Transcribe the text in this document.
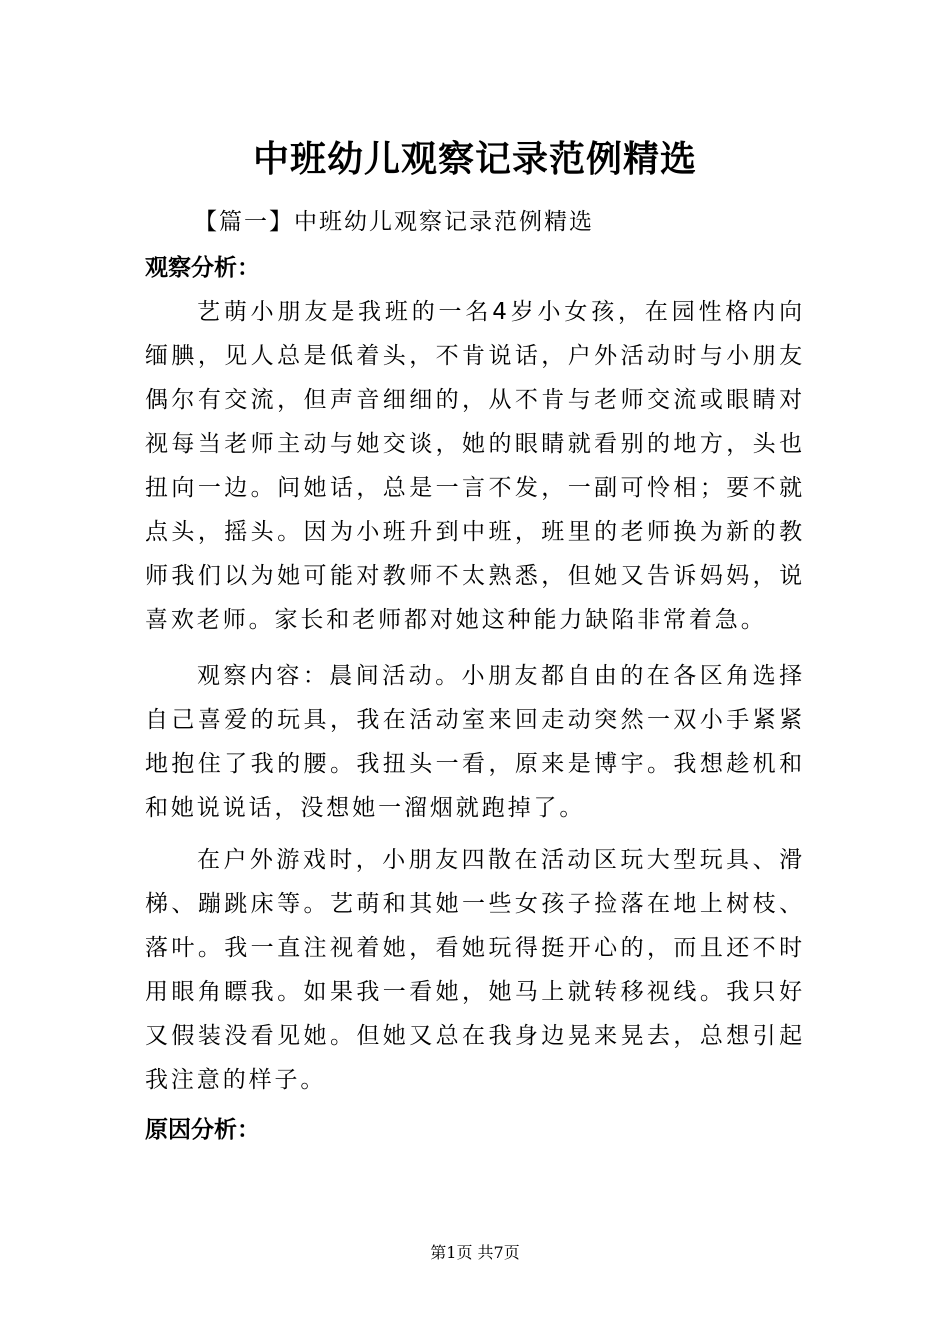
中班幼儿观察记录范例精选
【篇一】中班幼儿观察记录范例精选
观察分析：

艺萌小朋友是我班的一名4岁小女孩，在园性格内向缅腆，见人总是低着头，不肯说话，户外活动时与小朋友偶尔有交流，但声音细细的，从不肯与老师交流或眼睛对视每当老师主动与她交谈，她的眼睛就看别的地方，头也扭向一边。问她话，总是一言不发，一副可怜相；要不就点头，摇头。因为小班升到中班，班里的老师换为新的教师我们以为她可能对教师不太熟悉，但她又告诉妈妈，说喜欢老师。家长和老师都对她这种能力缺陷非常着急。

观察内容：晨间活动。小朋友都自由的在各区角选择自己喜爱的玩具，我在活动室来回走动突然一双小手紧紧地抱住了我的腰。我扭头一看，原来是博宇。我想趁机和和她说说话，没想她一溜烟就跑掉了。

在户外游戏时，小朋友四散在活动区玩大型玩具、滑梯、蹦跳床等。艺萌和其她一些女孩子捡落在地上树枝、落叶。我一直注视着她，看她玩得挺开心的，而且还不时用眼角瞟我。如果我一看她，她马上就转移视线。我只好又假装没看见她。但她又总在我身边晃来晃去，总想引起我注意的样子。

原因分析：
第1页 共7页
